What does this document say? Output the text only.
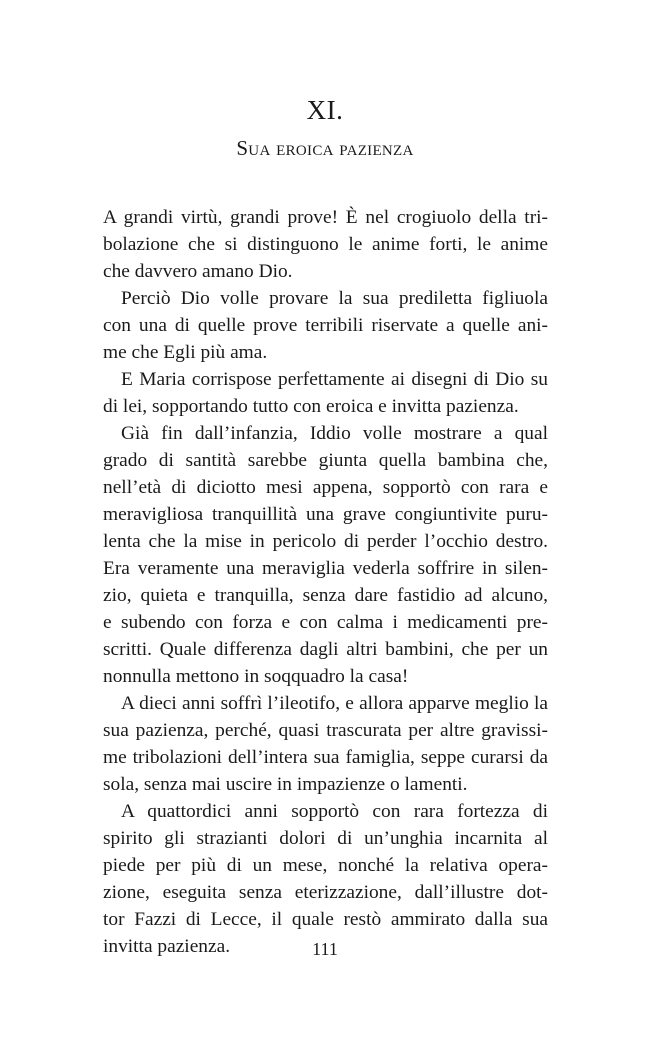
XI.
Sua eroica pazienza
A grandi virtù, grandi prove! È nel crogiuolo della tri-
bolazione che si distinguono le anime forti, le anime
che davvero amano Dio.
Perciò Dio volle provare la sua prediletta figliuola
con una di quelle prove terribili riservate a quelle ani-
me che Egli più ama.
E Maria corrispose perfettamente ai disegni di Dio su
di lei, sopportando tutto con eroica e invitta pazienza.
Già fin dall’infanzia, Iddio volle mostrare a qual
grado di santità sarebbe giunta quella bambina che,
nell’età di diciotto mesi appena, sopportò con rara e
meravigliosa tranquillità una grave congiuntivite puru-
lenta che la mise in pericolo di perder l’occhio destro.
Era veramente una meraviglia vederla soffrire in silen-
zio, quieta e tranquilla, senza dare fastidio ad alcuno,
e subendo con forza e con calma i medicamenti pre-
scritti. Quale differenza dagli altri bambini, che per un
nonnulla mettono in soqquadro la casa!
A dieci anni soffrì l’ileotifo, e allora apparve meglio la
sua pazienza, perché, quasi trascurata per altre gravissi-
me tribolazioni dell’intera sua famiglia, seppe curarsi da
sola, senza mai uscire in impazienze o lamenti.
A quattordici anni sopportò con rara fortezza di
spirito gli strazianti dolori di un’unghia incarnita al
piede per più di un mese, nonché la relativa opera-
zione, eseguita senza eterizzazione, dall’illustre dot-
tor Fazzi di Lecce, il quale restò ammirato dalla sua
invitta pazienza.	111
